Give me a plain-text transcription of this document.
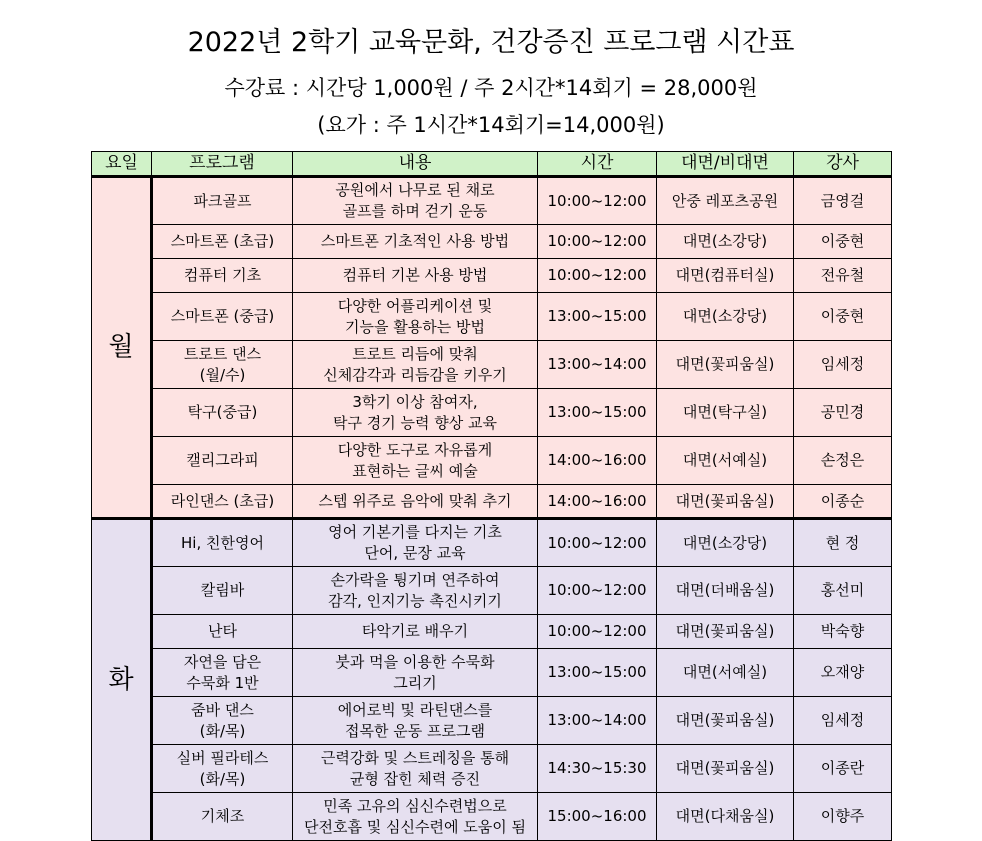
2022년 2학기 교육문화, 건강증진 프로그램 시간표
수강료 : 시간당 1,000원 / 주 2시간*14회기 = 28,000원
(요가 : 주 1시간*14회기=14,000원)
요일	프로그램	내용	시간	대면/비대면	강사
월	파크골프	공원에서 나무로 된 채로
골프를 하며 걷기 운동	10:00~12:00	안중 레포츠공원	금영걸

	스마트폰 (초급)	스마트폰 기초적인 사용 방법	10:00~12:00	대면(소강당)	이중현

	컴퓨터 기초	컴퓨터 기본 사용 방법	10:00~12:00	대면(컴퓨터실)	전유철

	스마트폰 (중급)	다양한 어플리케이션 및
기능을 활용하는 방법	13:00~15:00	대면(소강당)	이중현

	트로트 댄스
(월/수)	트로트 리듬에 맞춰
신체감각과 리듬감을 키우기	13:00~14:00	대면(꽃피움실)	임세정

	탁구(중급)	3학기 이상 참여자,
탁구 경기 능력 향상 교육	13:00~15:00	대면(탁구실)	공민경

	캘리그라피	다양한 도구로 자유롭게
표현하는 글씨 예술	14:00~16:00	대면(서예실)	손정은

	라인댄스 (초급)	스텝 위주로 음악에 맞춰 추기	14:00~16:00	대면(꽃피움실)	이종순
화	Hi, 친한영어	영어 기본기를 다지는 기초
단어, 문장 교육	10:00~12:00	대면(소강당)	현 정

	칼림바	손가락을 튕기며 연주하여
감각, 인지기능 촉진시키기	10:00~12:00	대면(더배움실)	홍선미

	난타	타악기로 배우기	10:00~12:00	대면(꽃피움실)	박숙향

	자연을 담은
수묵화 1반	붓과 먹을 이용한 수묵화
그리기	13:00~15:00	대면(서예실)	오재양

	줌바 댄스
(화/목)	에어로빅 및 라틴댄스를
접목한 운동 프로그램	13:00~14:00	대면(꽃피움실)	임세정

	실버 필라테스
(화/목)	근력강화 및 스트레칭을 통해
균형 잡힌 체력 증진	14:30~15:30	대면(꽃피움실)	이종란

	기체조	민족 고유의 심신수련법으로
단전호흡 및 심신수련에 도움이 됨	15:00~16:00	대면(다채움실)	이향주
